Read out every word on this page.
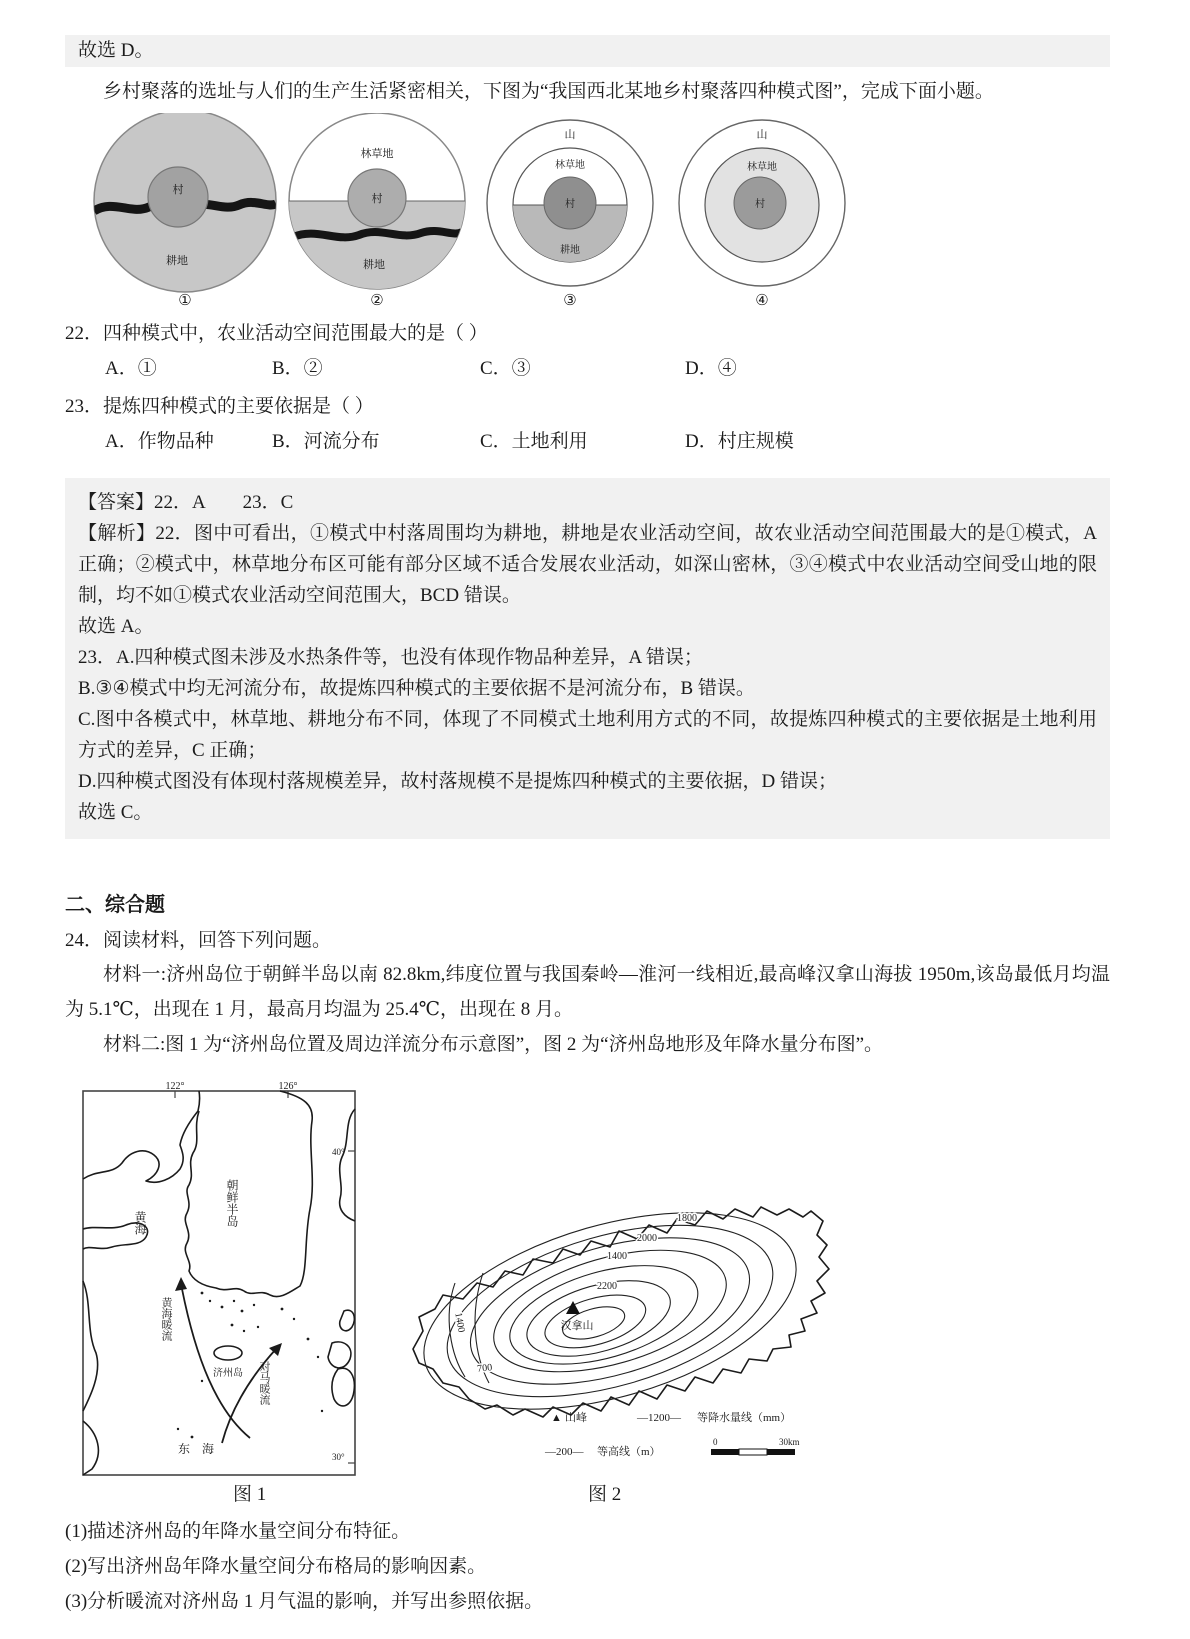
故选 D。

乡村聚落的选址与人们的生产生活紧密相关，下图为“我国西北某地乡村聚落四种模式图”，完成下面小题。

村
耕地
①
林草地
村
耕地
②
山
林草地
村
耕地
③
山
林草地
村
④

22．四种模式中，农业活动空间范围最大的是（ ）

A．①	B．②	C．③	D．④

23．提炼四种模式的主要依据是（ ）

A．作物品种	B．河流分布	C．土地利用	D．村庄规模

【答案】22．A　　23．C

【解析】22．图中可看出，①模式中村落周围均为耕地，耕地是农业活动空间，故农业活动空间范围最大的是①模式，A 正确；②模式中，林草地分布区可能有部分区域不适合发展农业活动，如深山密林，③④模式中农业活动空间受山地的限制，均不如①模式农业活动空间范围大，BCD 错误。

故选 A。

23．A.四种模式图未涉及水热条件等，也没有体现作物品种差异，A 错误；

B.③④模式中均无河流分布，故提炼四种模式的主要依据不是河流分布，B 错误。

C.图中各模式中，林草地、耕地分布不同，体现了不同模式土地利用方式的不同，故提炼四种模式的主要依据是土地利用方式的差异，C 正确；

D.四种模式图没有体现村落规模差异，故村落规模不是提炼四种模式的主要依据，D 错误；

故选 C。

二、综合题

24．阅读材料，回答下列问题。

材料一:济州岛位于朝鲜半岛以南 82.8km,纬度位置与我国秦岭—淮河一线相近,最高峰汉拿山海拔 1950m,该岛最低月均温为 5.1℃，出现在 1 月，最高月均温为 25.4℃，出现在 8 月。

材料二:图 1 为“济州岛位置及周边洋流分布示意图”，图 2 为“济州岛地形及年降水量分布图”。

122°	126°
40°
30°
济州岛
黄海	朝鲜半岛
黄海暖流
对马暖流
东　海
1400
1800
2000
2200
1400
700
汉拿山
▲ 山峰	—1200— 等降水量线（mm）
—200— 等高线（m）
0	30km
图 1	图 2

(1)描述济州岛的年降水量空间分布特征。

(2)写出济州岛年降水量空间分布格局的影响因素。

(3)分析暖流对济州岛 1 月气温的影响，并写出参照依据。
